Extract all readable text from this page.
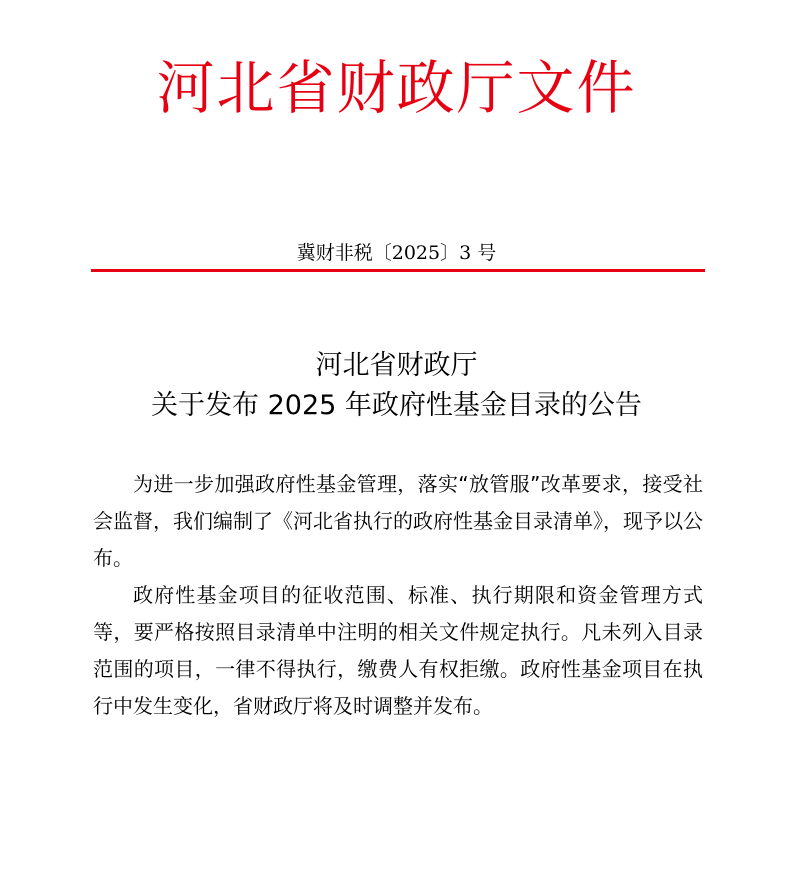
河北省财政厅文件
冀财非税〔2025〕3 号
河北省财政厅
关于发布 2025 年政府性基金目录的公告

为进一步加强政府性基金管理，落实“放管服”改革要求，接受社会监督，我们编制了《河北省执行的政府性基金目录清单》，现予以公布。

政府性基金项目的征收范围、标准、执行期限和资金管理方式等，要严格按照目录清单中注明的相关文件规定执行。凡未列入目录范围的项目，一律不得执行，缴费人有权拒缴。政府性基金项目在执行中发生变化，省财政厅将及时调整并发布。
